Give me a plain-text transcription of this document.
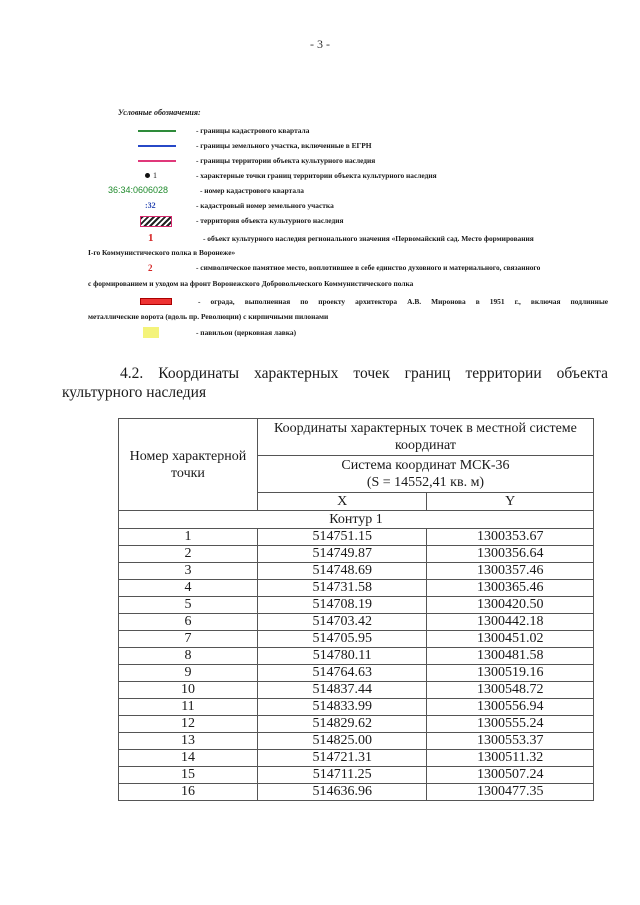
- 3 -
Условные обозначения:
- границы кадастрового квартала
- границы земельного участка, включенные в ЕГРН
- границы территории объекта культурного наследия
1	- характерные точки границ территории объекта культурного наследия
36:34:0606028	- номер кадастрового квартала
:32	- кадастровый номер земельного участка
- территория объекта культурного наследия
1	- объект культурного наследия регионального значения «Первомайский сад. Место формирования
I-го Коммунистического полка в Воронеже»
2	- символическое памятное место, воплотившее в себе единство духовного и материального, связанного
с формированием и уходом на фронт Воронежского Добровольческого Коммунистического полка
- ограда, выполненная по проекту архитектора А.В. Миронова в 1951 г., включая подлинные
металлические ворота (вдоль пр. Революции) с кирпичными пилонами
- павильон (церковная лавка)
4.2. Координаты характерных точек границ территории объекта
культурного наследия
Номер характерной точки	Координаты характерных точек в местной системе координат	

	Система координат МСК-36
(S = 14552,41 кв. м)	

	X	Y
Контур 1		
1	514751.15	1300353.67
2	514749.87	1300356.64
3	514748.69	1300357.46
4	514731.58	1300365.46
5	514708.19	1300420.50
6	514703.42	1300442.18
7	514705.95	1300451.02
8	514780.11	1300481.58
9	514764.63	1300519.16
10	514837.44	1300548.72
11	514833.99	1300556.94
12	514829.62	1300555.24
13	514825.00	1300553.37
14	514721.31	1300511.32
15	514711.25	1300507.24
16	514636.96	1300477.35
